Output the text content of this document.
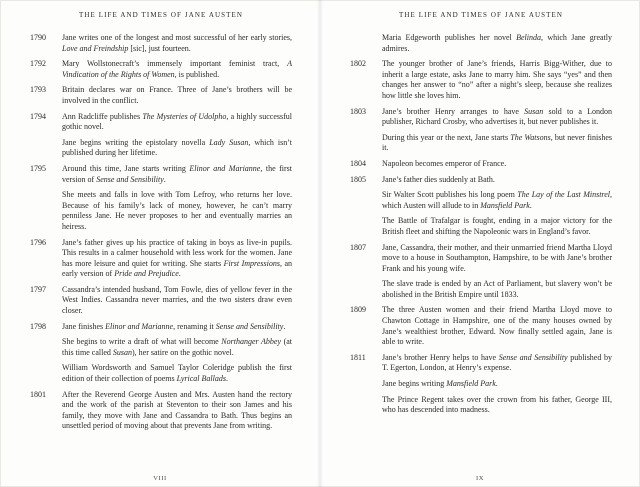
THE LIFE AND TIMES OF JANE AUSTEN
1790	Jane writes one of the longest and most successful of her early stories, Love and Freindship [sic], just fourteen.

1792	Mary Wollstonecraft’s immensely important feminist tract, A Vindication of the Rights of Women, is published.

1793	Britain declares war on France. Three of Jane’s brothers will be involved in the conflict.

1794	Ann Radcliffe publishes The Mysteries of Udolpho, a highly successful gothic novel.

Jane begins writing the epistolary novella Lady Susan, which isn’t published during her lifetime.

1795	Around this time, Jane starts writing Elinor and Marianne, the first version of Sense and Sensibility.

She meets and falls in love with Tom Lefroy, who returns her love. Because of his family’s lack of money, however, he can’t marry penniless Jane. He never proposes to her and eventually marries an heiress.

1796	Jane’s father gives up his practice of taking in boys as live-in pupils. This results in a calmer household with less work for the women. Jane has more leisure and quiet for writing. She starts First Impressions, an early version of Pride and Prejudice.

1797	Cassandra’s intended husband, Tom Fowle, dies of yellow fever in the West Indies. Cassandra never marries, and the two sisters draw even closer.

1798	Jane finishes Elinor and Marianne, renaming it Sense and Sensibility.

She begins to write a draft of what will become Northanger Abbey (at this time called Susan), her satire on the gothic novel.

William Wordsworth and Samuel Taylor Coleridge publish the first edition of their collection of poems Lyrical Ballads.

1801	After the Reverend George Austen and Mrs. Austen hand the rectory and the work of the parish at Steventon to their son James and his family, they move with Jane and Cassandra to Bath. Thus begins an unsettled period of moving about that prevents Jane from writing.

VIII
THE LIFE AND TIMES OF JANE AUSTEN

Maria Edgeworth publishes her novel Belinda, which Jane greatly admires.

1802	The younger brother of Jane’s friends, Harris Bigg-Wither, due to inherit a large estate, asks Jane to marry him. She says “yes” and then changes her answer to “no” after a night’s sleep, because she realizes how little she loves him.

1803	Jane’s brother Henry arranges to have Susan sold to a London publisher, Richard Crosby, who advertises it, but never publishes it.

During this year or the next, Jane starts The Watsons, but never finishes it.

1804	Napoleon becomes emperor of France.

1805	Jane’s father dies suddenly at Bath.

Sir Walter Scott publishes his long poem The Lay of the Last Minstrel, which Austen will allude to in Mansfield Park.

The Battle of Trafalgar is fought, ending in a major victory for the British fleet and shifting the Napoleonic wars in England’s favor.

1807	Jane, Cassandra, their mother, and their unmarried friend Martha Lloyd move to a house in Southampton, Hampshire, to be with Jane’s brother Frank and his young wife.

The slave trade is ended by an Act of Parliament, but slavery won’t be abolished in the British Empire until 1833.

1809	The three Austen women and their friend Martha Lloyd move to Chawton Cottage in Hampshire, one of the many houses owned by Jane’s wealthiest brother, Edward. Now finally settled again, Jane is able to write.

1811	Jane’s brother Henry helps to have Sense and Sensibility published by T. Egerton, London, at Henry’s expense.

Jane begins writing Mansfield Park.

The Prince Regent takes over the crown from his father, George III, who has descended into madness.

IX
